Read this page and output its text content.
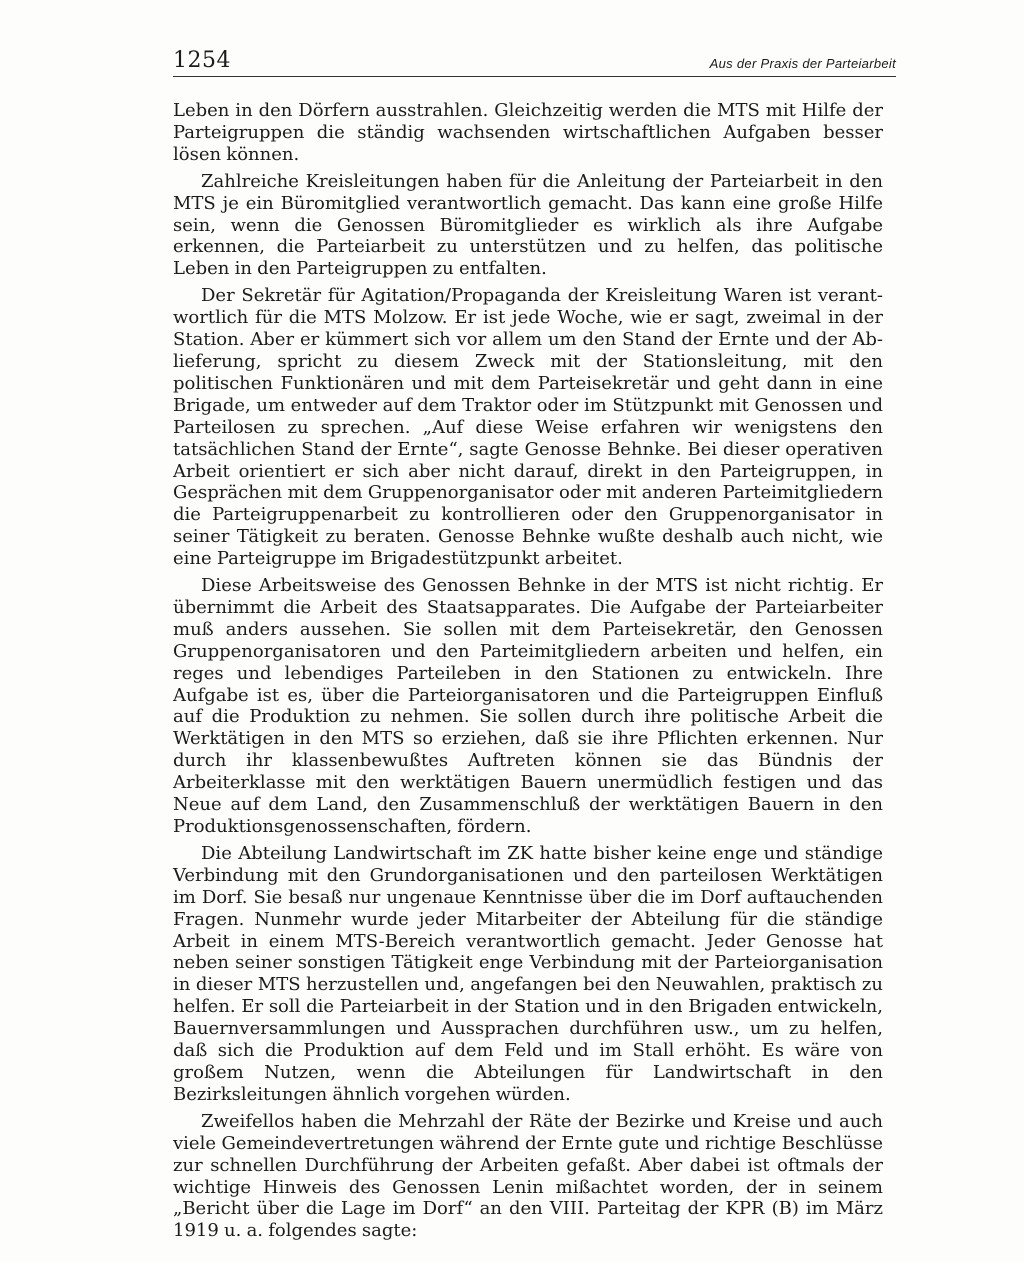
1254	Aus der Praxis der Parteiarbeit

Leben in den Dörfern ausstrahlen. Gleichzeitig werden die MTS mit Hilfe der Parteigruppen die ständig wachsenden wirtschaftlichen Aufgaben besser lösen können.

Zahlreiche Kreisleitungen haben für die Anleitung der Parteiarbeit in den MTS je ein Büromitglied verantwortlich gemacht. Das kann eine große Hilfe sein, wenn die Genossen Büromitglieder es wirklich als ihre Aufgabe erkennen, die Parteiarbeit zu unterstützen und zu helfen, das politische Leben in den Parteigruppen zu entfalten.

Der Sekretär für Agitation/Propaganda der Kreisleitung Waren ist verantwortlich für die MTS Molzow. Er ist jede Woche, wie er sagt, zweimal in der Station. Aber er kümmert sich vor allem um den Stand der Ernte und der Ablieferung, spricht zu diesem Zweck mit der Stationsleitung, mit den politischen Funktionären und mit dem Parteisekretär und geht dann in eine Brigade, um entweder auf dem Traktor oder im Stützpunkt mit Genossen und Parteilosen zu sprechen. „Auf diese Weise erfahren wir wenigstens den tatsächlichen Stand der Ernte“, sagte Genosse Behnke. Bei dieser operativen Arbeit orientiert er sich aber nicht darauf, direkt in den Parteigruppen, in Gesprächen mit dem Gruppenorganisator oder mit anderen Parteimitgliedern die Parteigruppenarbeit zu kontrollieren oder den Gruppenorganisator in seiner Tätigkeit zu beraten. Genosse Behnke wußte deshalb auch nicht, wie eine Parteigruppe im Brigadestützpunkt arbeitet.

Diese Arbeitsweise des Genossen Behnke in der MTS ist nicht richtig. Er übernimmt die Arbeit des Staatsapparates. Die Aufgabe der Parteiarbeiter muß anders aussehen. Sie sollen mit dem Parteisekretär, den Genossen Gruppenorganisatoren und den Parteimitgliedern arbeiten und helfen, ein reges und lebendiges Parteileben in den Stationen zu entwickeln. Ihre Aufgabe ist es, über die Parteiorganisatoren und die Parteigruppen Einfluß auf die Produktion zu nehmen. Sie sollen durch ihre politische Arbeit die Werktätigen in den MTS so erziehen, daß sie ihre Pflichten erkennen. Nur durch ihr klassenbewußtes Auftreten können sie das Bündnis der Arbeiterklasse mit den werktätigen Bauern unermüdlich festigen und das Neue auf dem Land, den Zusammenschluß der werktätigen Bauern in den Produktionsgenossenschaften, fördern.

Die Abteilung Landwirtschaft im ZK hatte bisher keine enge und ständige Verbindung mit den Grundorganisationen und den parteilosen Werktätigen im Dorf. Sie besaß nur ungenaue Kenntnisse über die im Dorf auftauchenden Fragen. Nunmehr wurde jeder Mitarbeiter der Abteilung für die ständige Arbeit in einem MTS-Bereich verantwortlich gemacht. Jeder Genosse hat neben seiner sonstigen Tätigkeit enge Verbindung mit der Parteiorganisation in dieser MTS herzustellen und, angefangen bei den Neuwahlen, praktisch zu helfen. Er soll die Parteiarbeit in der Station und in den Brigaden entwickeln, Bauernversammlungen und Aussprachen durchführen usw., um zu helfen, daß sich die Produktion auf dem Feld und im Stall erhöht. Es wäre von großem Nutzen, wenn die Abteilungen für Landwirtschaft in den Bezirksleitungen ähnlich vorgehen würden.

Zweifellos haben die Mehrzahl der Räte der Bezirke und Kreise und auch viele Gemeindevertretungen während der Ernte gute und richtige Beschlüsse zur schnellen Durchführung der Arbeiten gefaßt. Aber dabei ist oftmals der wichtige Hinweis des Genossen Lenin mißachtet worden, der in seinem „Bericht über die Lage im Dorf“ an den VIII. Parteitag der KPR (B) im März 1919 u. a. folgendes sagte:
